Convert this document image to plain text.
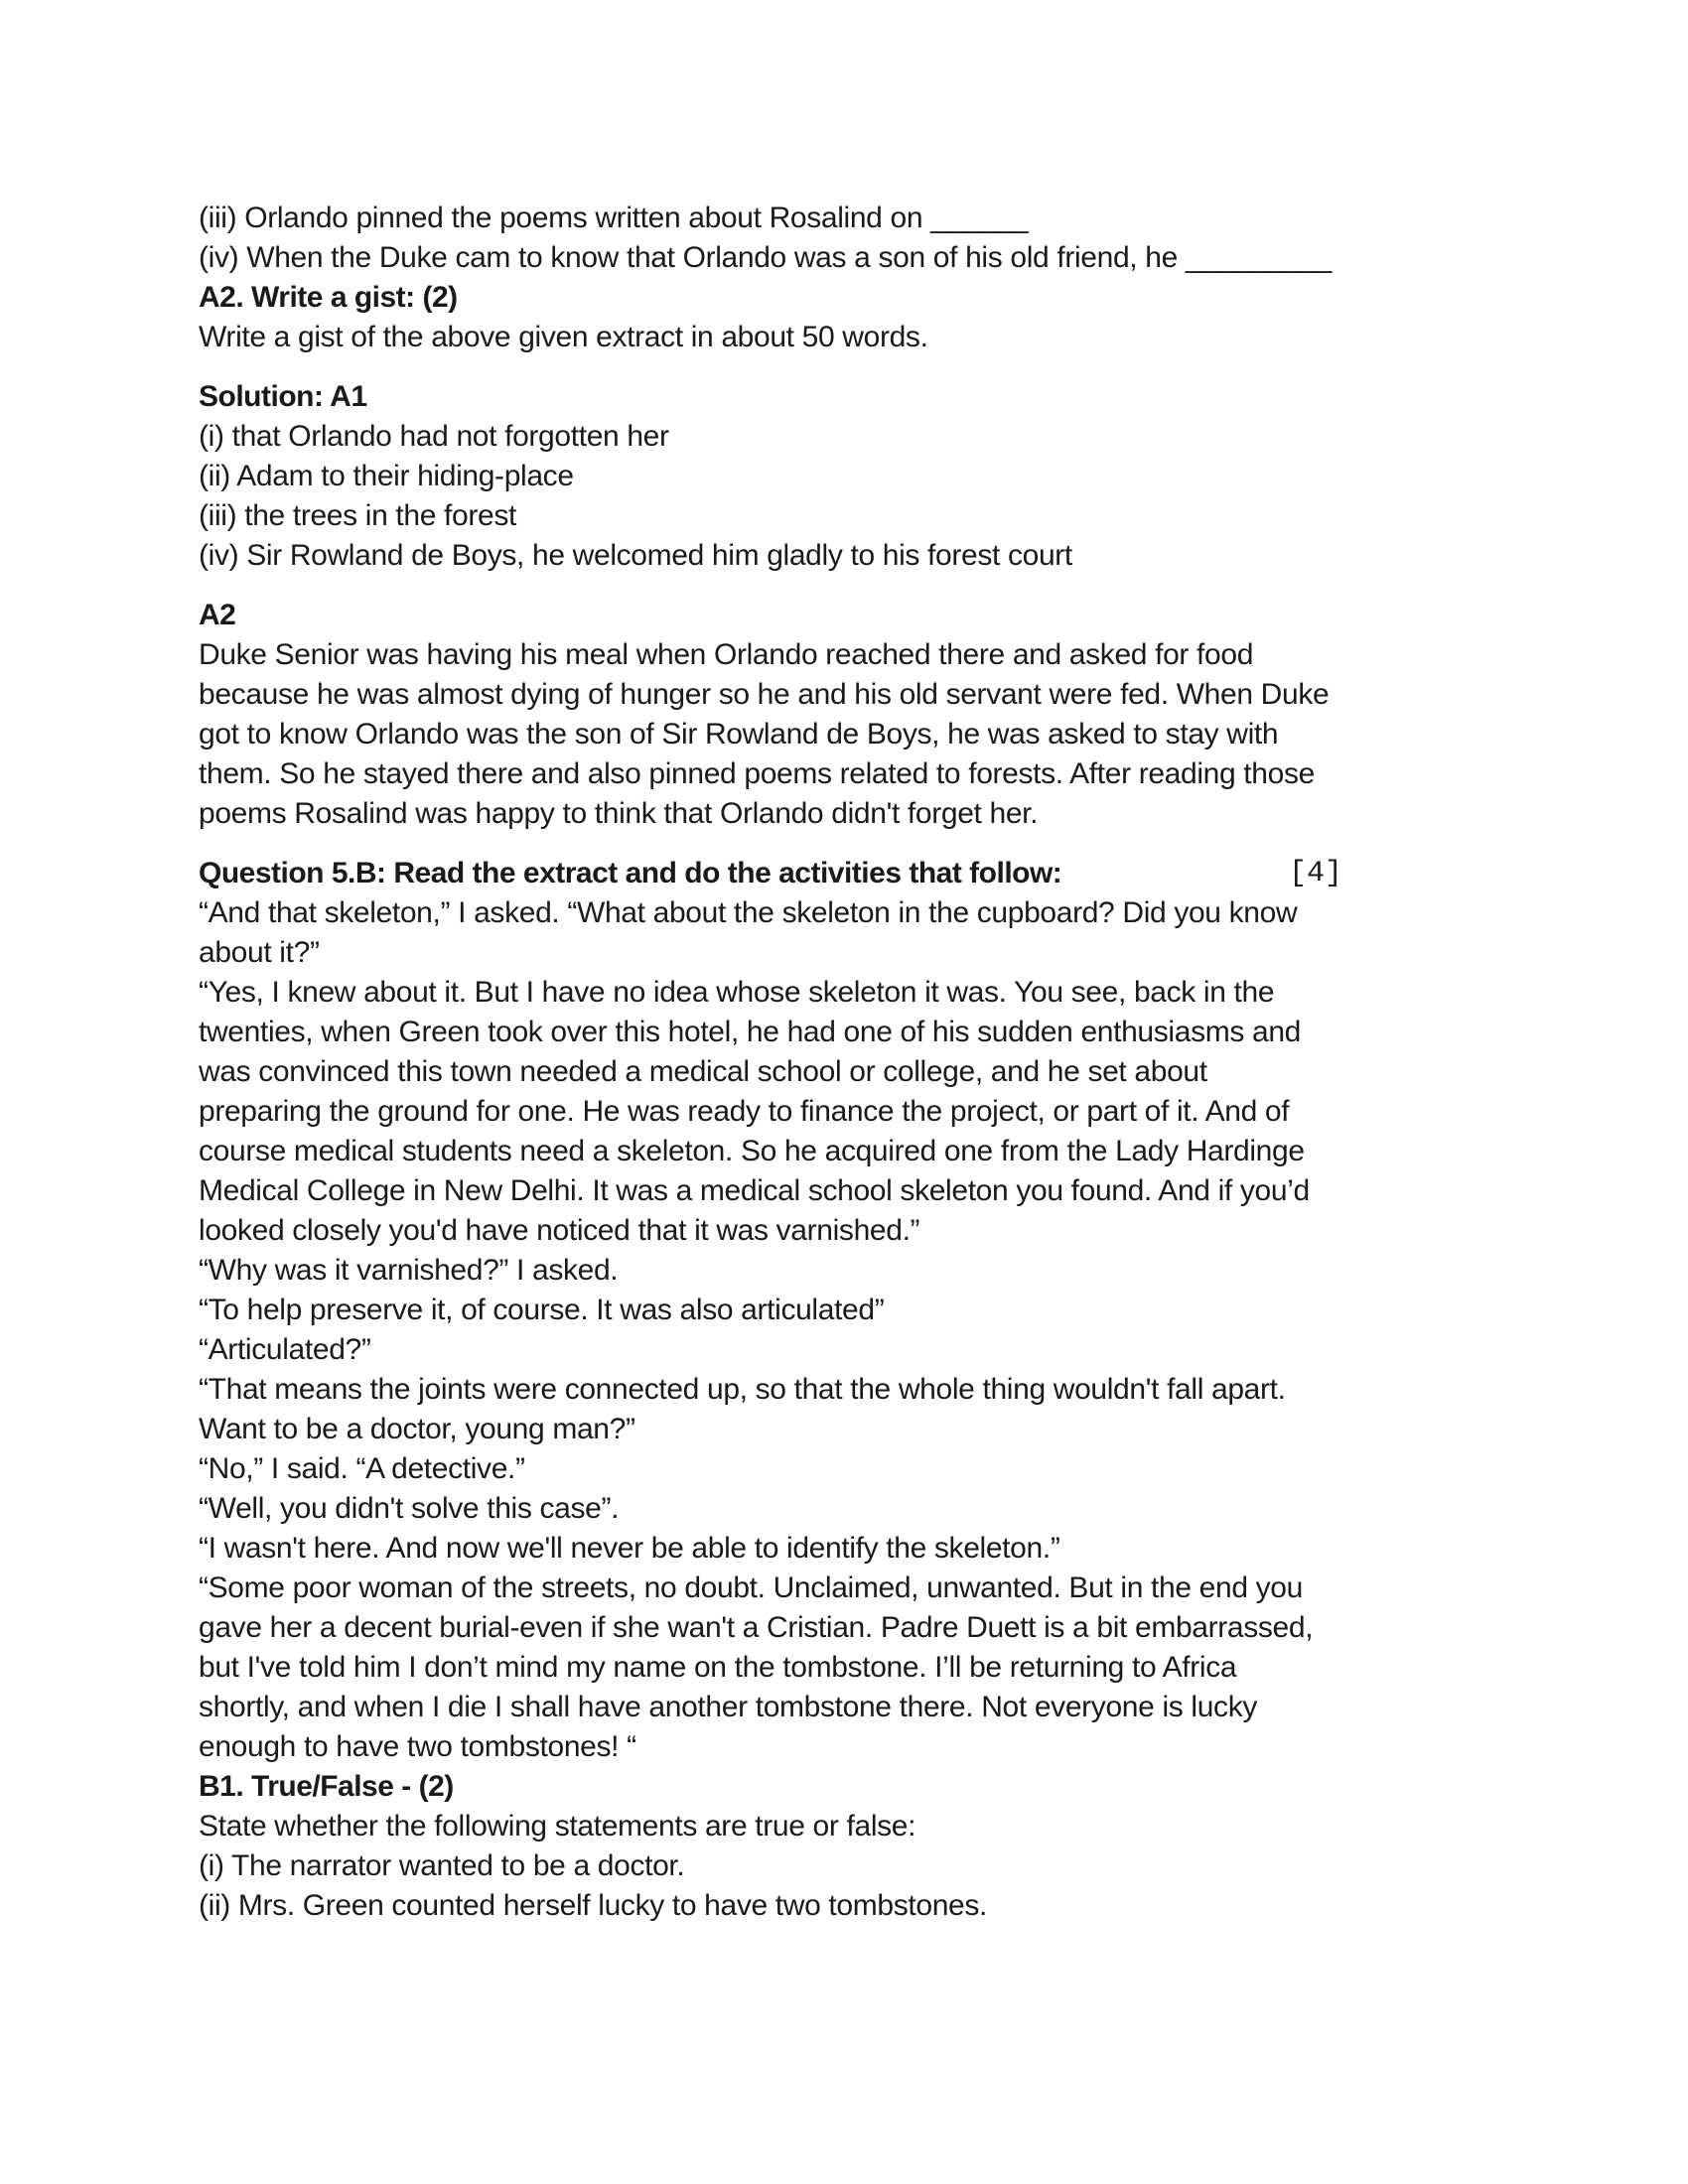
(iii) Orlando pinned the poems written about Rosalind on ______
(iv) When the Duke cam to know that Orlando was a son of his old friend, he _________
A2. Write a gist: (2)
Write a gist of the above given extract in about 50 words.
Solution: A1
(i) that Orlando had not forgotten her
(ii) Adam to their hiding-place
(iii) the trees in the forest
(iv) Sir Rowland de Boys, he welcomed him gladly to his forest court
A2
Duke Senior was having his meal when Orlando reached there and asked for food
because he was almost dying of hunger so he and his old servant were fed. When Duke
got to know Orlando was the son of Sir Rowland de Boys, he was asked to stay with
them. So he stayed there and also pinned poems related to forests. After reading those
poems Rosalind was happy to think that Orlando didn't forget her.
Question 5.B: Read the extract and do the activities that follow:	[4]
“And that skeleton,” I asked. “What about the skeleton in the cupboard? Did you know
about it?”
“Yes, I knew about it. But I have no idea whose skeleton it was. You see, back in the
twenties, when Green took over this hotel, he had one of his sudden enthusiasms and
was convinced this town needed a medical school or college, and he set about
preparing the ground for one. He was ready to finance the project, or part of it. And of
course medical students need a skeleton. So he acquired one from the Lady Hardinge
Medical College in New Delhi. It was a medical school skeleton you found. And if you’d
looked closely you'd have noticed that it was varnished.”
“Why was it varnished?” I asked.
“To help preserve it, of course. It was also articulated”
“Articulated?”
“That means the joints were connected up, so that the whole thing wouldn't fall apart.
Want to be a doctor, young man?”
“No,” I said. “A detective.”
“Well, you didn't solve this case”.
“I wasn't here. And now we'll never be able to identify the skeleton.”
“Some poor woman of the streets, no doubt. Unclaimed, unwanted. But in the end you
gave her a decent burial-even if she wan't a Cristian. Padre Duett is a bit embarrassed,
but I've told him I don’t mind my name on the tombstone. I’ll be returning to Africa
shortly, and when I die I shall have another tombstone there. Not everyone is lucky
enough to have two tombstones! “
B1. True/False - (2)
State whether the following statements are true or false:
(i) The narrator wanted to be a doctor.
(ii) Mrs. Green counted herself lucky to have two tombstones.
